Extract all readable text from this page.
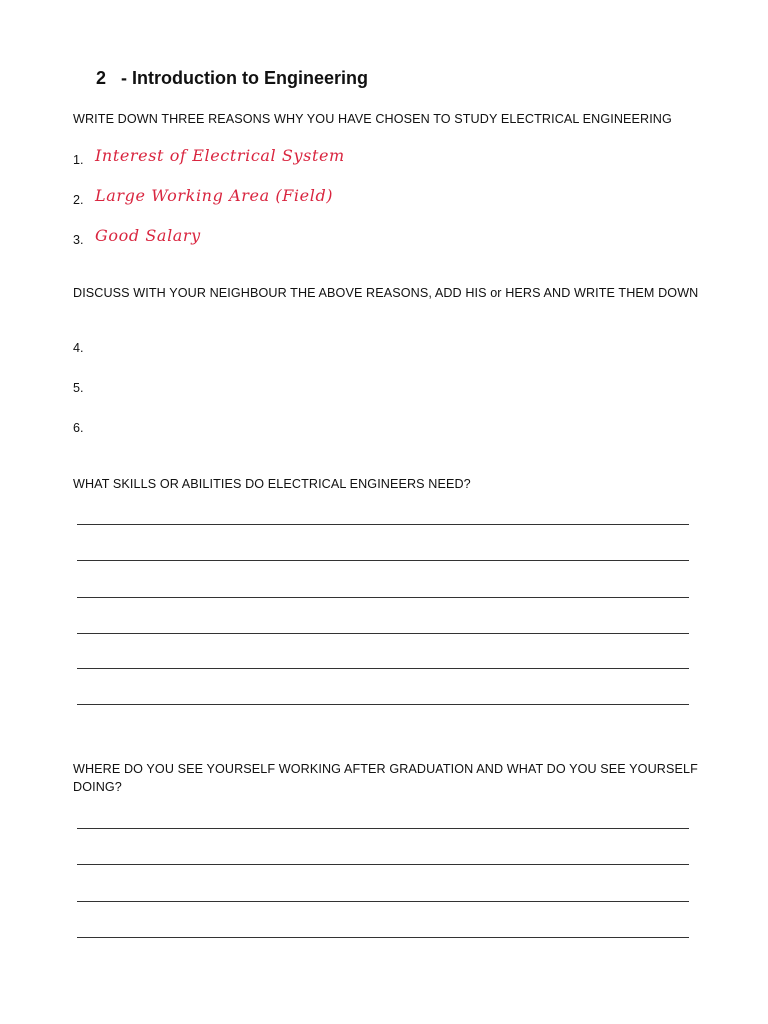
2 - Introduction to Engineering
WRITE DOWN THREE REASONS WHY YOU HAVE CHOSEN TO STUDY ELECTRICAL ENGINEERING
1. Interest of Electrical System
2. Large Working Area (Field)
3. Good Salary
DISCUSS WITH YOUR NEIGHBOUR THE ABOVE REASONS, ADD HIS or HERS AND WRITE THEM DOWN
4.
5.
6.
WHAT SKILLS OR ABILITIES DO ELECTRICAL ENGINEERS NEED?
WHERE DO YOU SEE YOURSELF WORKING AFTER GRADUATION AND WHAT DO YOU SEE YOURSELF DOING?
